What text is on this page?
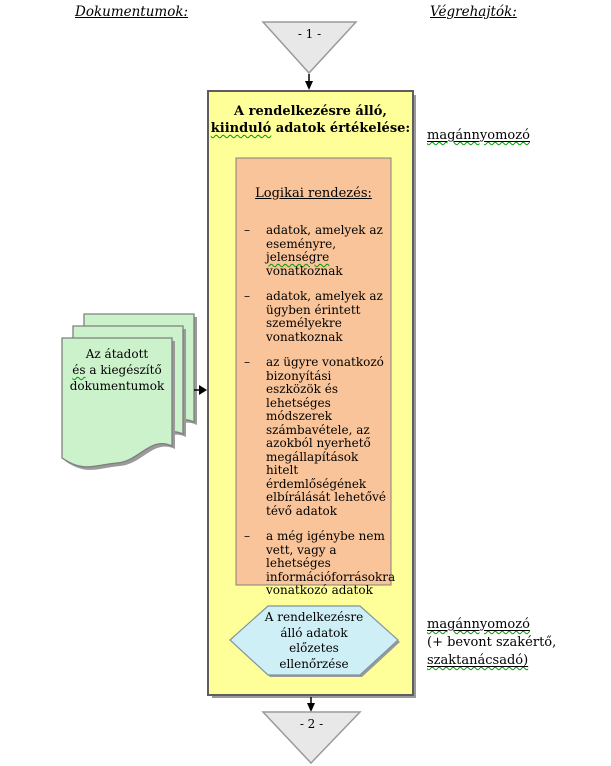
Dokumentumok:	Végrehajtók:
- 1 -
- 2 -
A rendelkezésre álló,
kiinduló adatok értékelése: magánnyomozó
Logikai rendezés:
–	adatok, amelyek az eseményre, jelenségre vonatkoznak
–	adatok, amelyek az ügyben érintett személyekre vonatkoznak
–	az ügyre vonatkozó bizonyítási eszközök és lehetséges módszerek számbavétele, az azokból nyerhető megállapítások hitelt érdemlőségének elbírálását lehetővé tévő adatok
–	a még igénybe nem vett, vagy a lehetséges információforrásokra vonatkozó adatok
Az átadott
és a kiegészítő
dokumentumok
A rendelkezésre
álló adatok
előzetes
ellenőrzése
magánnyomozó
(+ bevont szakértő,
szaktanácsadó)
